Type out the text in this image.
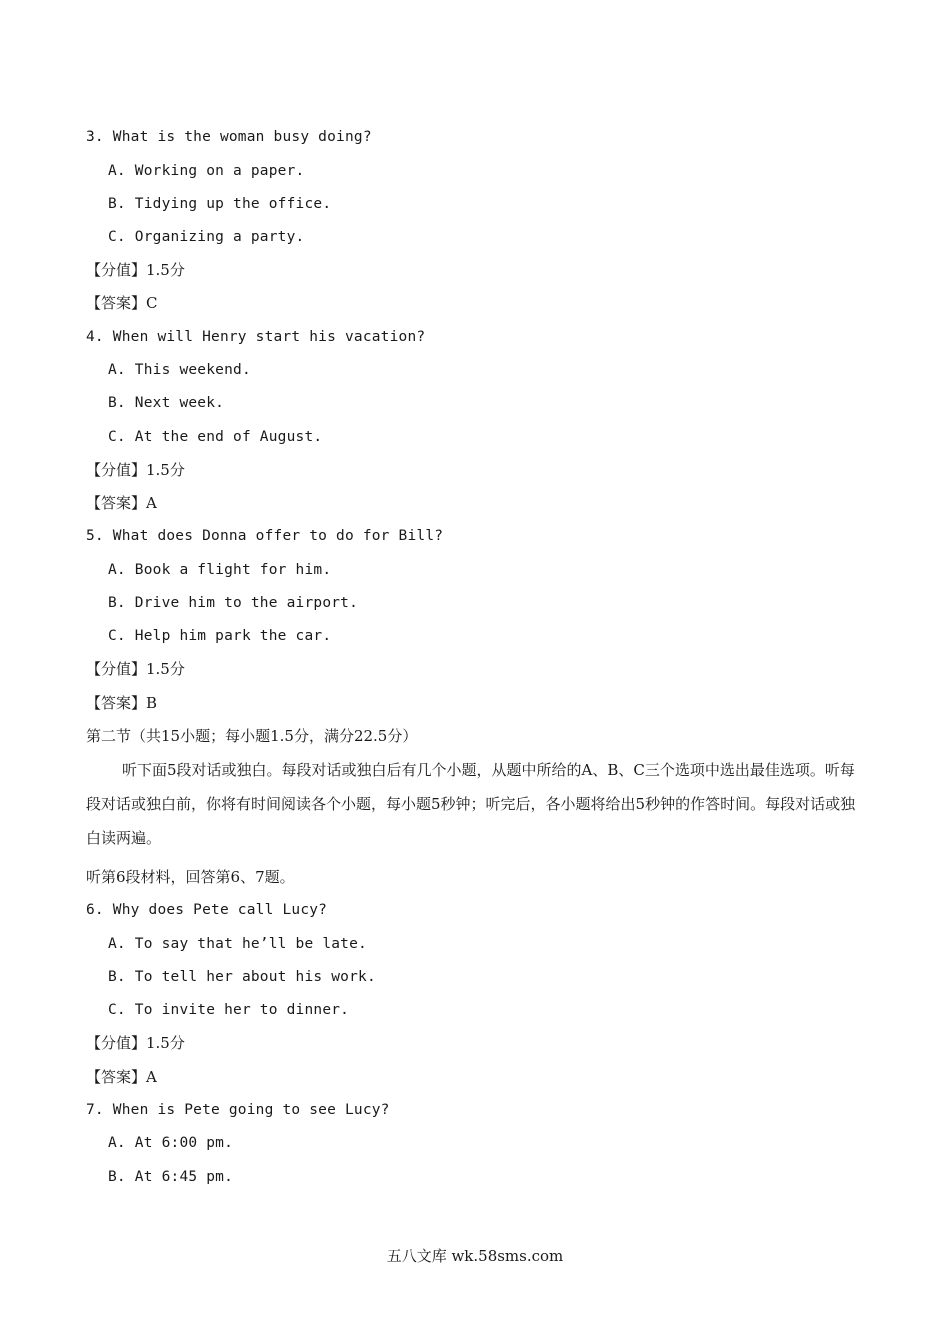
3. What is the woman busy doing?
A. Working on a paper.
B. Tidying up the office.
C. Organizing a party.
【分值】1.5分
【答案】C
4. When will Henry start his vacation?
A. This weekend.
B. Next week.
C. At the end of August.
【分值】1.5分
【答案】A
5. What does Donna offer to do for Bill?
A. Book a flight for him.
B. Drive him to the airport.
C. Help him park the car.
【分值】1.5分
【答案】B
第二节（共15小题；每小题1.5分，满分22.5分）
听下面5段对话或独白。每段对话或独白后有几个小题，从题中所给的A、B、C三个选项中选出最佳选项。听每段对话或独白前，你将有时间阅读各个小题，每小题5秒钟；听完后，各小题将给出5秒钟的作答时间。每段对话或独白读两遍。
听第6段材料，回答第6、7题。
6. Why does Pete call Lucy?
A. To say that he’ll be late.
B. To tell her about his work.
C. To invite her to dinner.
【分值】1.5分
【答案】A
7. When is Pete going to see Lucy?
A. At 6:00 pm.
B. At 6:45 pm.
五八文库 wk.58sms.com
